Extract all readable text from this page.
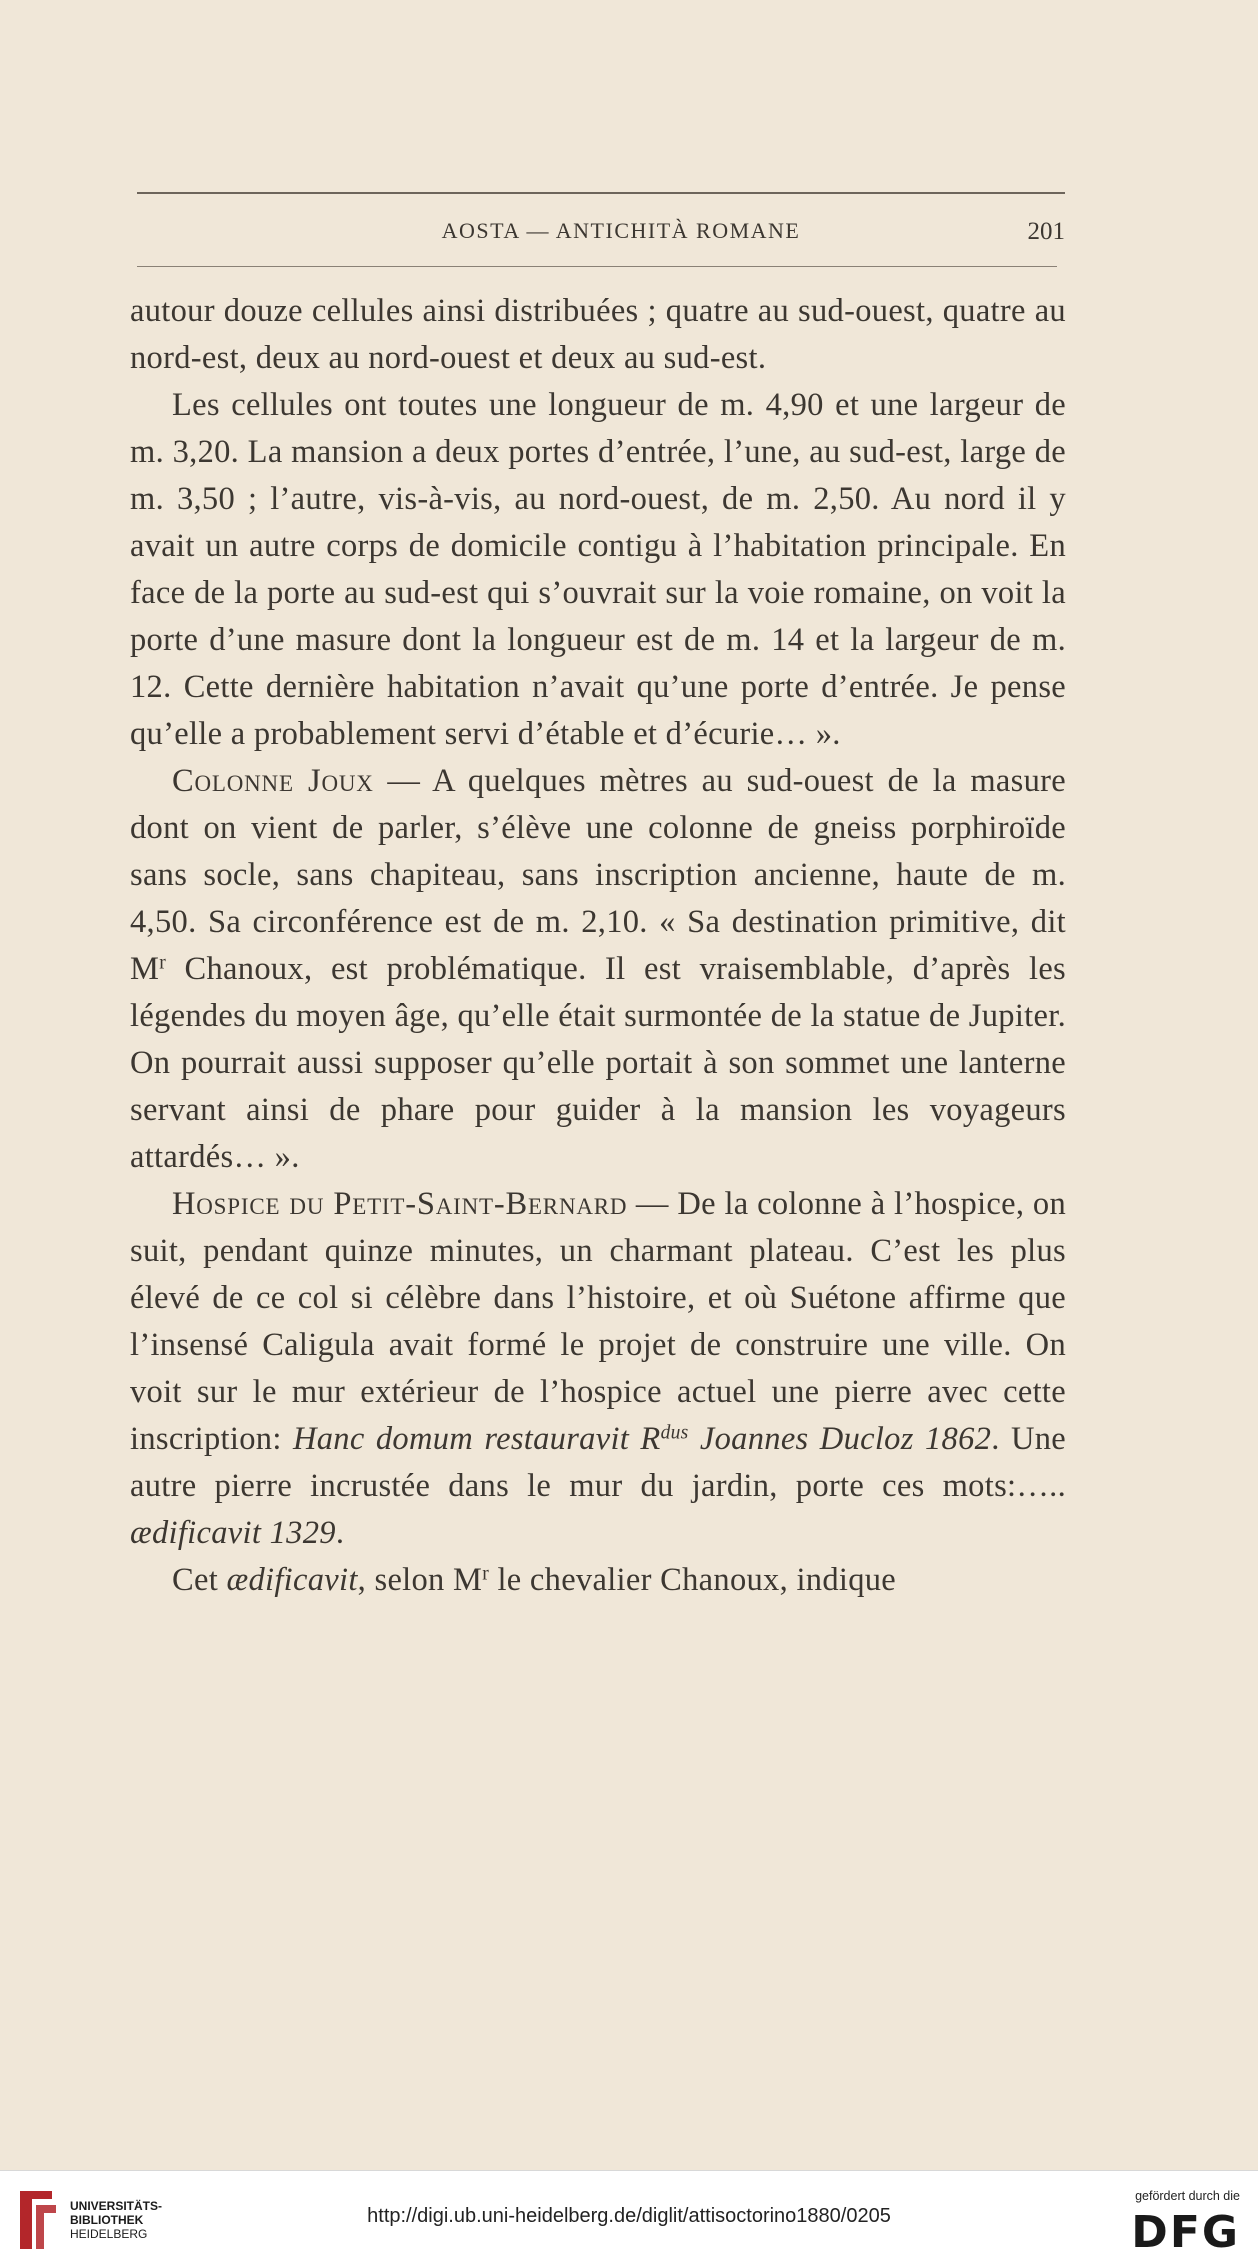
AOSTA — ANTICHITÀ ROMANE	201

autour douze cellules ainsi distribuées ; quatre au sud-ouest, quatre au nord-est, deux au nord-ouest et deux au sud-est.

Les cellules ont toutes une longueur de m. 4,90 et une largeur de m. 3,20. La mansion a deux portes d’entrée, l’une, au sud-est, large de m. 3,50 ; l’autre, vis-à-vis, au nord-ouest, de m. 2,50. Au nord il y avait un autre corps de domicile contigu à l’habitation principale. En face de la porte au sud-est qui s’ouvrait sur la voie romaine, on voit la porte d’une masure dont la longueur est de m. 14 et la largeur de m. 12. Cette dernière habitation n’avait qu’une porte d’entrée. Je pense qu’elle a probablement servi d’étable et d’écurie… ».

Colonne Joux — A quelques mètres au sud-ouest de la masure dont on vient de parler, s’élève une colonne de gneiss porphiroïde sans socle, sans chapiteau, sans inscription ancienne, haute de m. 4,50. Sa circonférence est de m. 2,10. « Sa destination primitive, dit $M^r$ Chanoux, est problématique. Il est vraisemblable, d’après les légendes du moyen âge, qu’elle était surmontée de la statue de Jupiter. On pourrait aussi supposer qu’elle portait à son sommet une lanterne servant ainsi de phare pour guider à la mansion les voyageurs attardés… ».

Hospice du Petit-Saint-Bernard — De la colonne à l’hospice, on suit, pendant quinze minutes, un charmant plateau. C’est les plus élevé de ce col si célèbre dans l’histoire, et où Suétone affirme que l’insensé Caligula avait formé le projet de construire une ville. On voit sur le mur extérieur de l’hospice actuel une pierre avec cette inscription: Hanc domum restauravit $R^{dus}$ Joannes Ducloz 1862. Une autre pierre incrustée dans le mur du jardin, porte ces mots:….. ædificavit 1329.

Cet ædificavit, selon $M^r$ le chevalier Chanoux, indique

UNIVERSITÄTS-
BIBLIOTHEK
HEIDELBERG
http://digi.ub.uni-heidelberg.de/diglit/attisoctorino1880/0205
gefördert durch die
DFG
